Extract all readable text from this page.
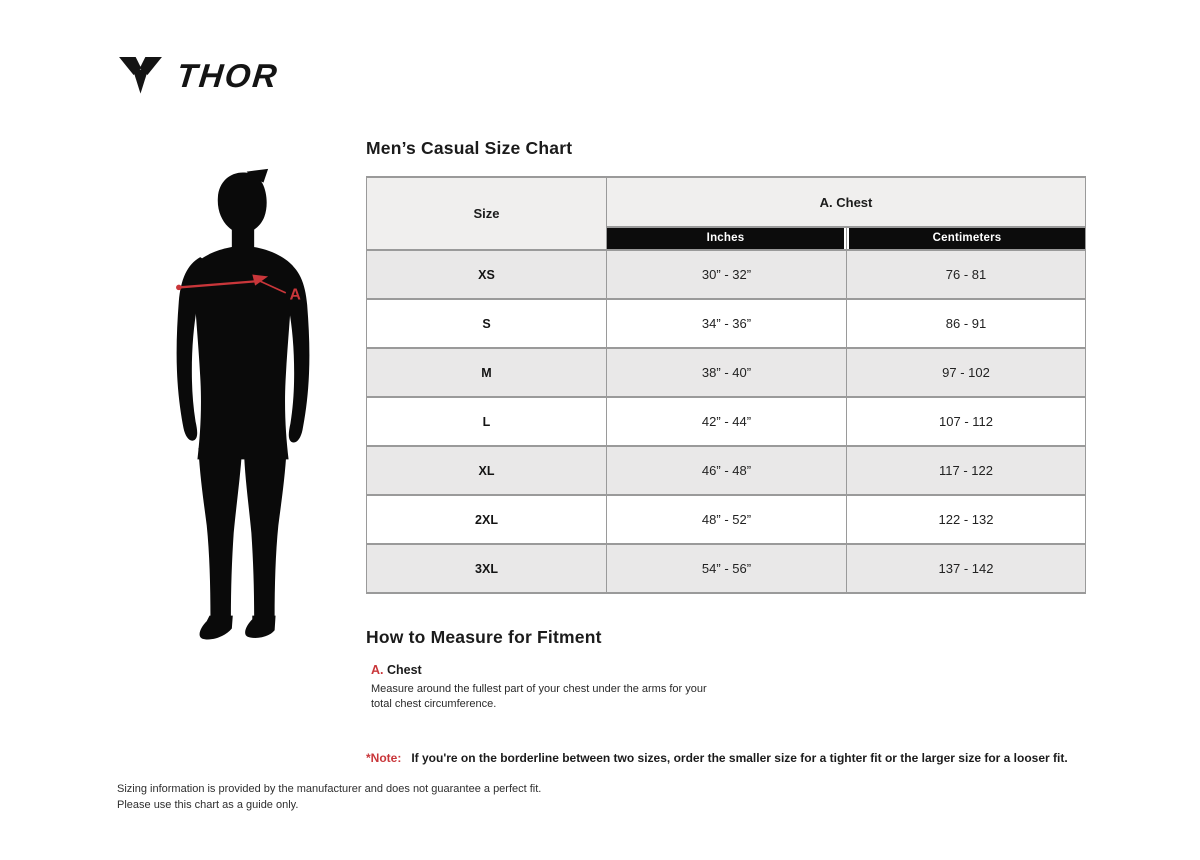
THOR
A
Men’s Casual Size Chart
Size	A. Chest	

	Inches	Centimeters

XS	30” - 32”	76 - 81
S	34” - 36”	86 - 91
M	38” - 40”	97 - 102
L	42” - 44”	107 - 112
XL	46” - 48”	117 - 122
2XL	48” - 52”	122 - 132
3XL	54” - 56”	137 - 142
How to Measure for Fitment
A. Chest
Measure around the fullest part of your chest under the arms for your total chest circumference.
*Note: If you're on the borderline between two sizes, order the smaller size for a tighter fit or the larger size for a looser fit.
Sizing information is provided by the manufacturer and does not guarantee a perfect fit.
Please use this chart as a guide only.
